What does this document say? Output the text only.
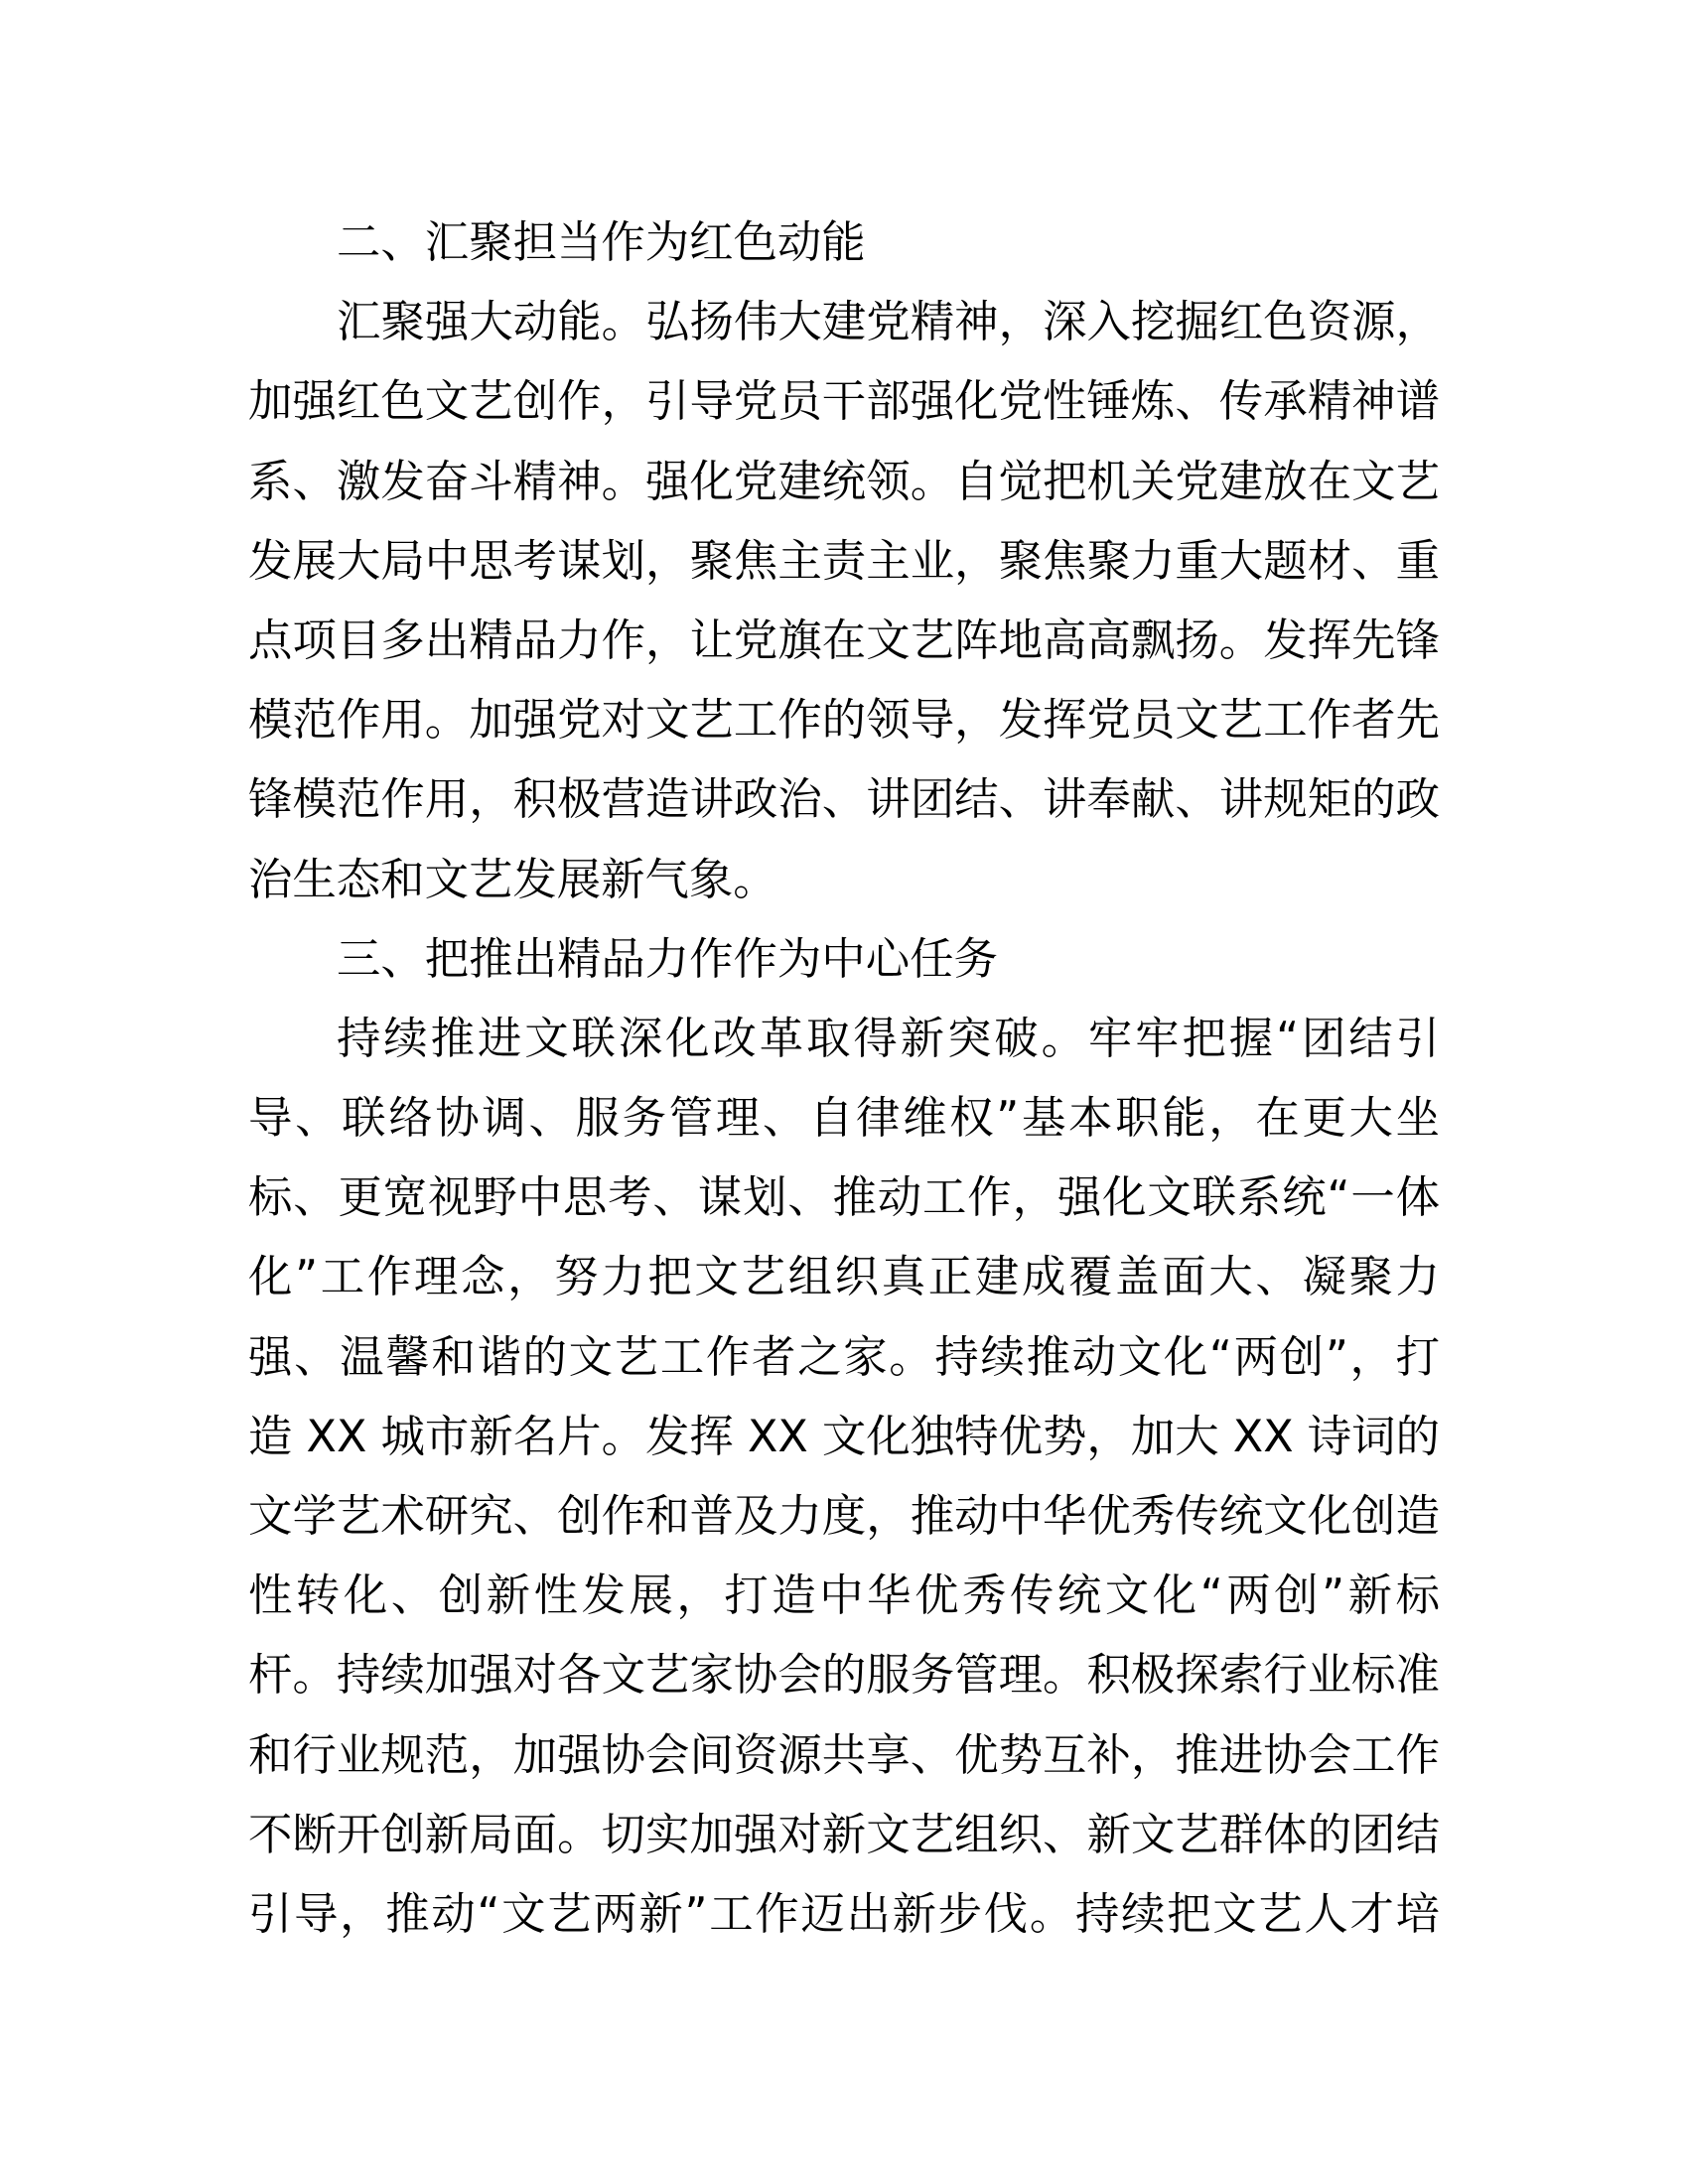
二、汇聚担当作为红色动能
汇聚强大动能。弘扬伟大建党精神，深入挖掘红色资源，
加强红色文艺创作，引导党员干部强化党性锤炼、传承精神谱
系、激发奋斗精神。强化党建统领。自觉把机关党建放在文艺
发展大局中思考谋划，聚焦主责主业，聚焦聚力重大题材、重
点项目多出精品力作，让党旗在文艺阵地高高飘扬。发挥先锋
模范作用。加强党对文艺工作的领导，发挥党员文艺工作者先
锋模范作用，积极营造讲政治、讲团结、讲奉献、讲规矩的政
治生态和文艺发展新气象。
三、把推出精品力作作为中心任务
持续推进文联深化改革取得新突破。牢牢把握“团结引
导、联络协调、服务管理、自律维权”基本职能，在更大坐
标、更宽视野中思考、谋划、推动工作，强化文联系统“一体
化”工作理念，努力把文艺组织真正建成覆盖面大、凝聚力
强、温馨和谐的文艺工作者之家。持续推动文化“两创”，打
造 XX 城市新名片。发挥 XX 文化独特优势，加大 XX 诗词的
文学艺术研究、创作和普及力度，推动中华优秀传统文化创造
性转化、创新性发展，打造中华优秀传统文化“两创”新标
杆。持续加强对各文艺家协会的服务管理。积极探索行业标准
和行业规范，加强协会间资源共享、优势互补，推进协会工作
不断开创新局面。切实加强对新文艺组织、新文艺群体的团结
引导，推动“文艺两新”工作迈出新步伐。持续把文艺人才培
